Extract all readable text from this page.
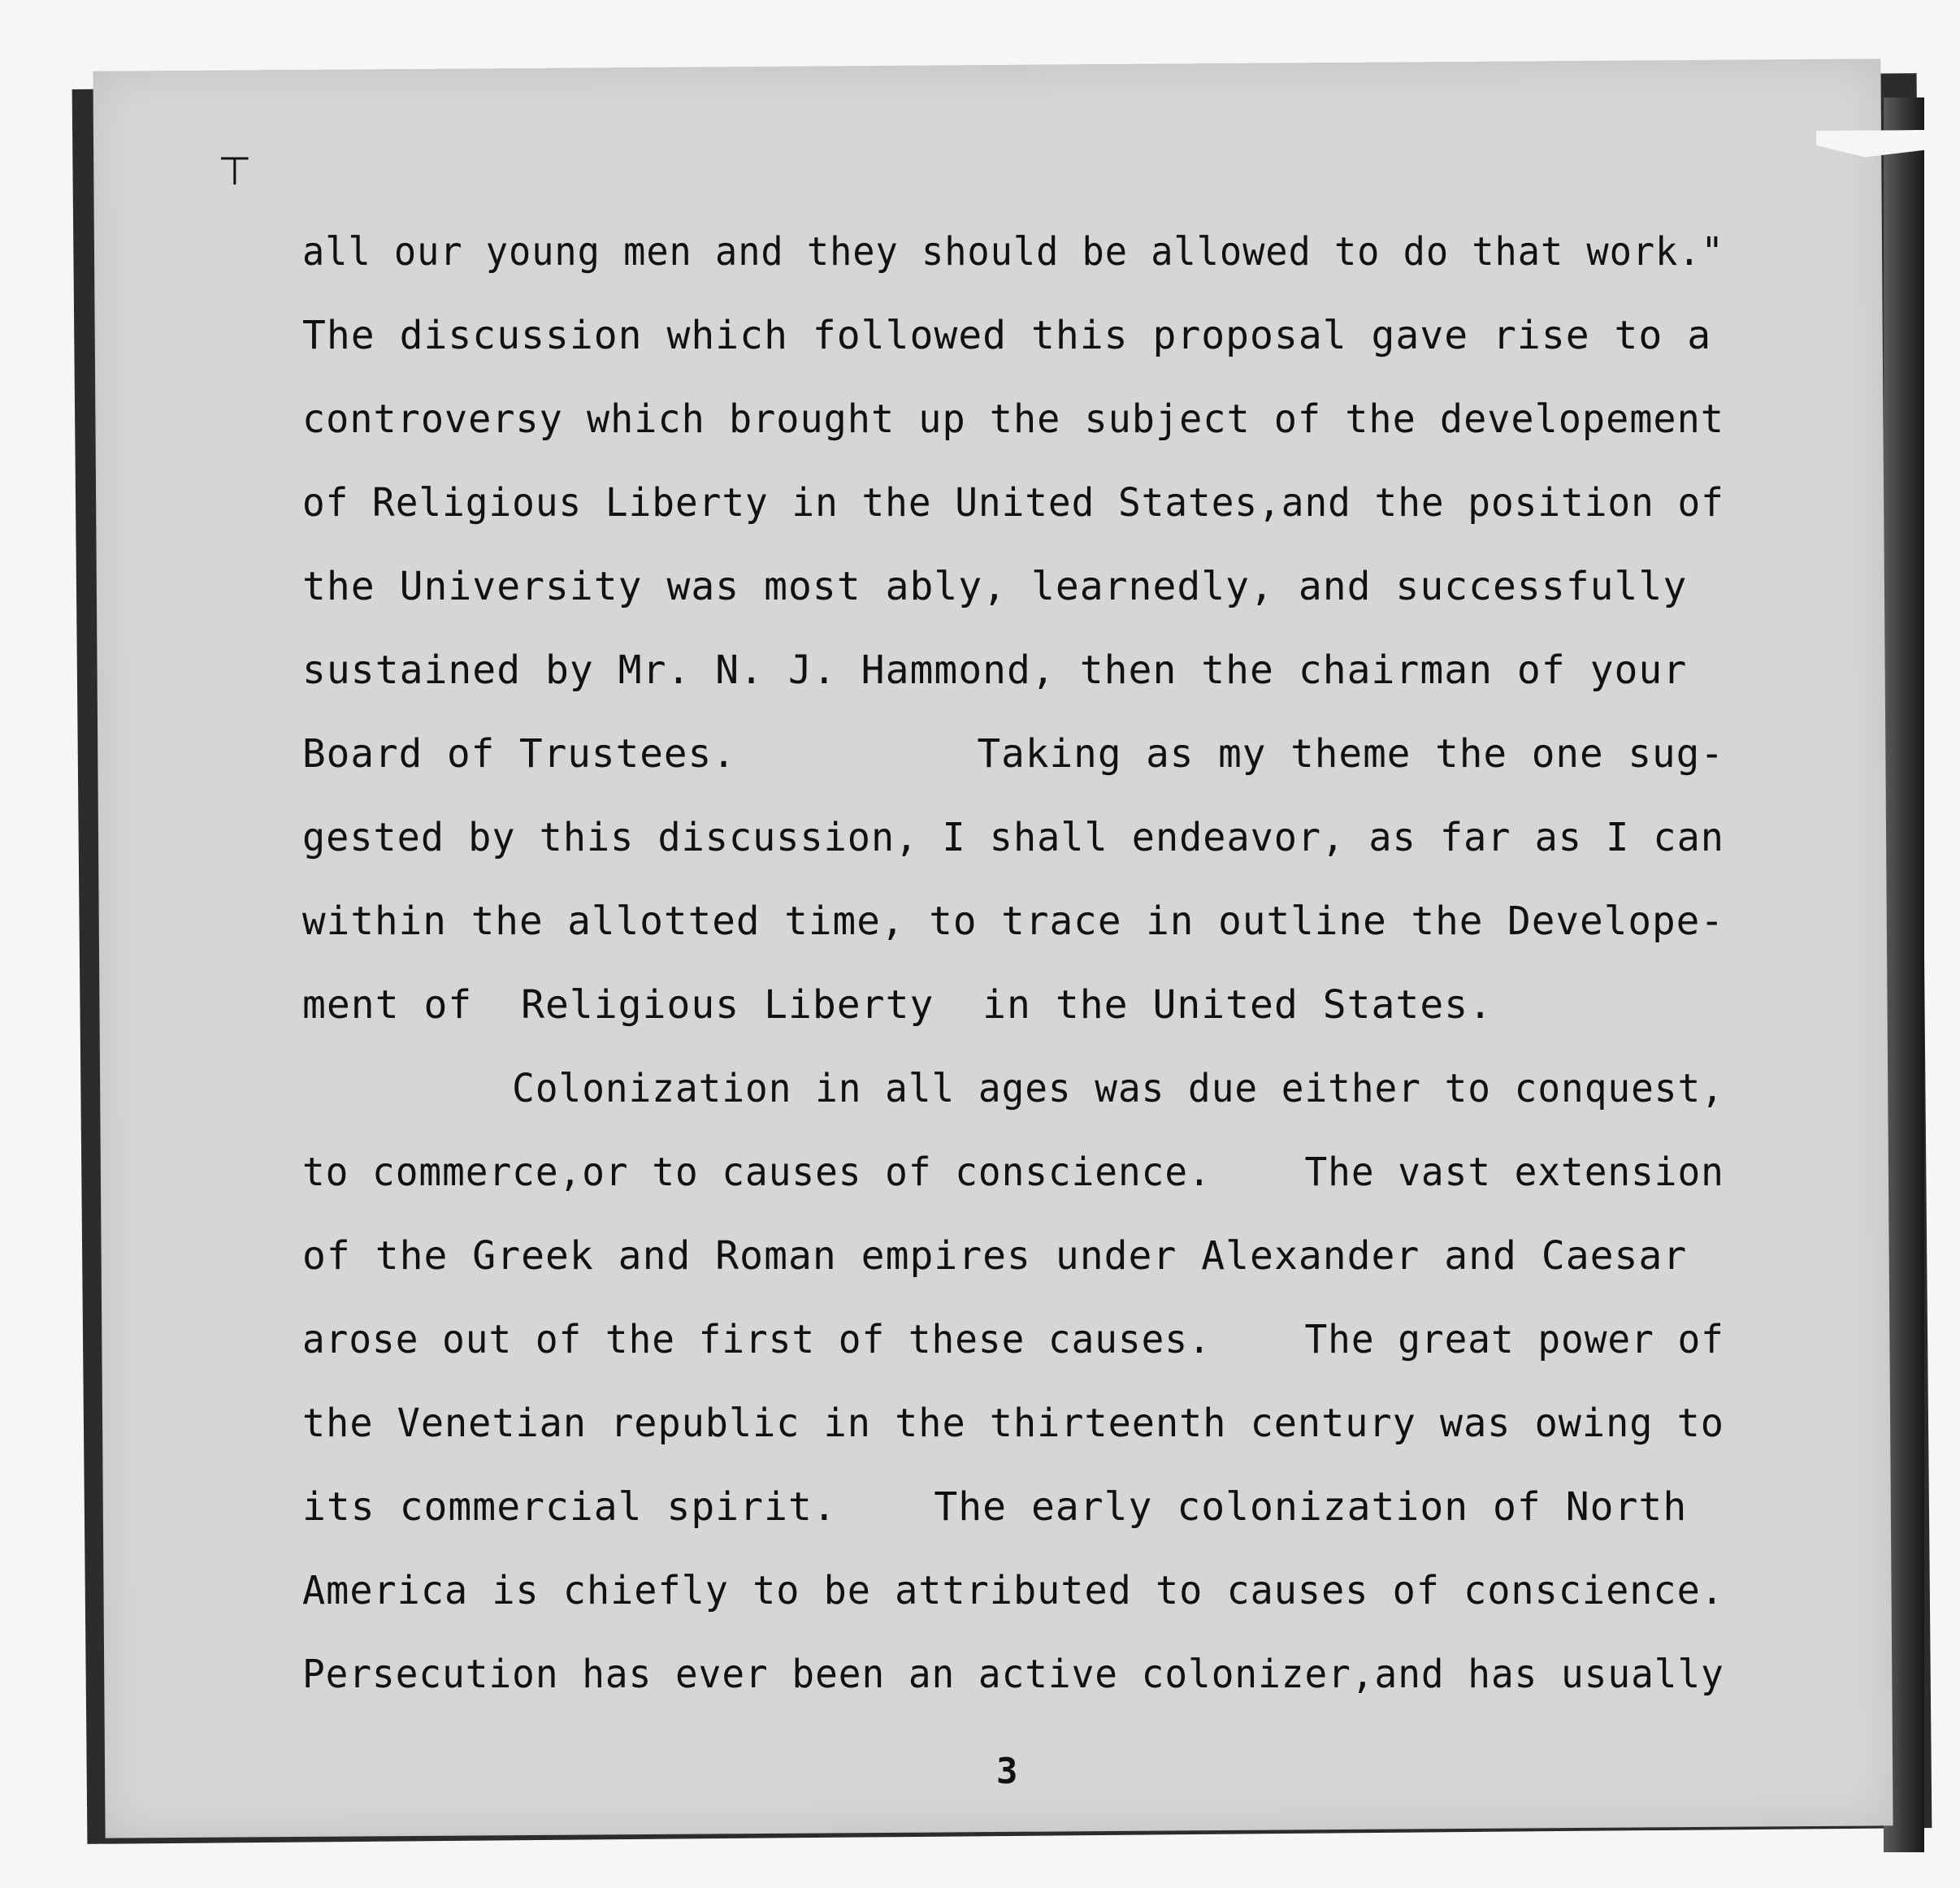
⊤
all our young men and they should be allowed to do that work."
The discussion which followed this proposal gave rise to a
controversy which brought up the subject of the developement
of Religious Liberty in the United States,and the position of
the University was most ably, learnedly, and successfully
sustained by Mr. N. J. Hammond, then the chairman of your
Board of Trustees.          Taking as my theme the one sug-
gested by this discussion, I shall endeavor, as far as I can
within the allotted time, to trace in outline the Develope-
ment of  Religious Liberty  in the United States.
Colonization in all ages was due either to conquest,
to commerce,or to causes of conscience.    The vast extension
of the Greek and Roman empires under Alexander and Caesar
arose out of the first of these causes.    The great power of
the Venetian republic in the thirteenth century was owing to
its commercial spirit.    The early colonization of North
America is chiefly to be attributed to causes of conscience.
Persecution has ever been an active colonizer,and has usually
3
